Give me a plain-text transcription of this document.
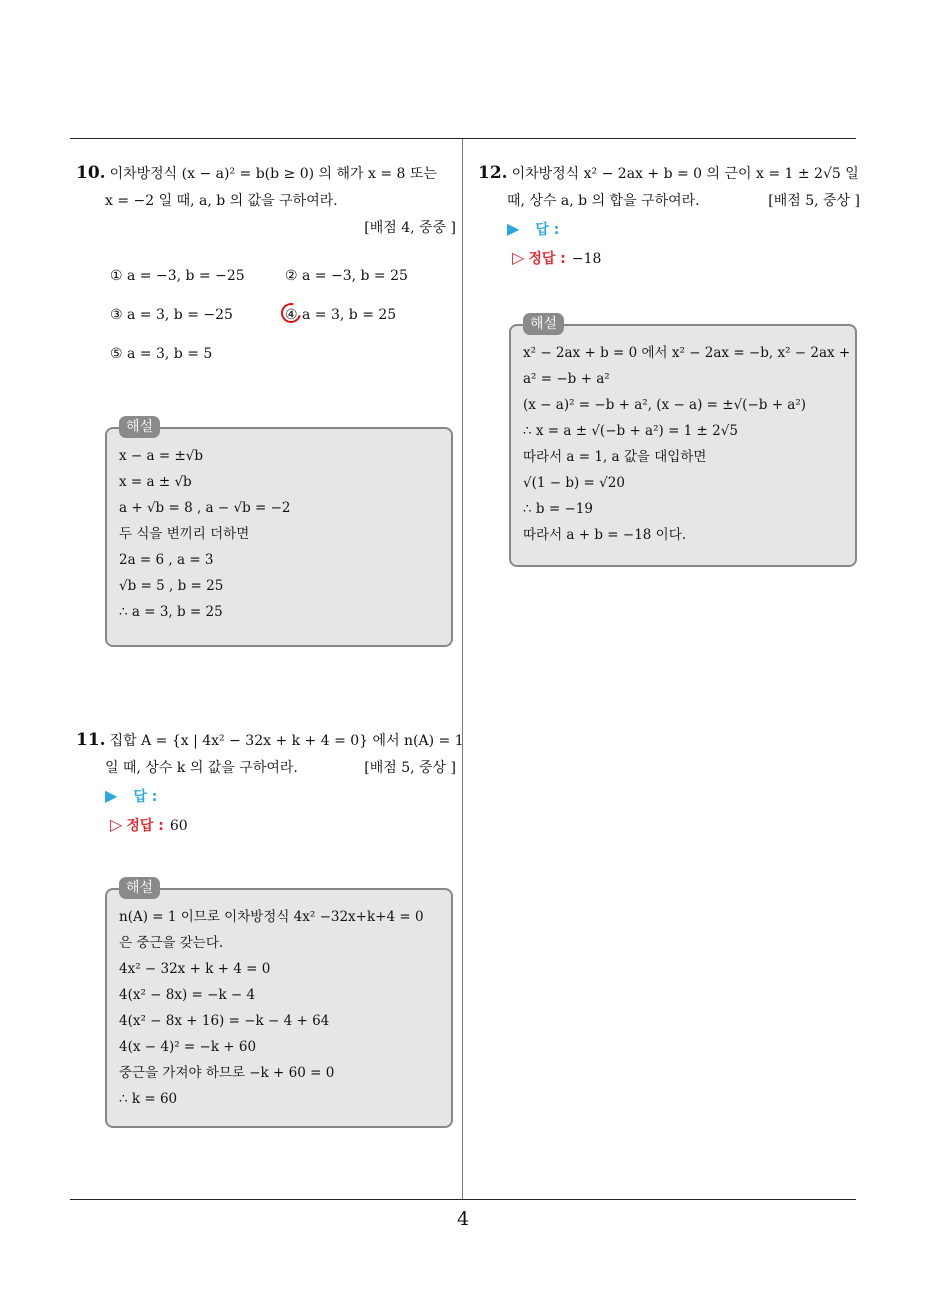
10. 이차방정식 (x − a)² = b(b ≥ 0) 의 해가 x = 8 또는
x = −2 일 때, a, b 의 값을 구하여라.
[배점 4, 중중 ]
① a = −3, b = −25	② a = −3, b = 25
③ a = 3, b = −25	④ a = 3, b = 25
⑤ a = 3, b = 5
해설
x − a = ±√b
x = a ± √b
a + √b = 8 , a − √b = −2
두 식을 변끼리 더하면
2a = 6 , a = 3
√b = 5 , b = 25
∴ a = 3, b = 25
11. 집합 A = {x | 4x² − 32x + k + 4 = 0} 에서 n(A) = 1
일 때, 상수 k 의 값을 구하여라.	[배점 5, 중상 ]
▶ 답 :
▷ 정답 : 60
해설
n(A) = 1 이므로 이차방정식 4x² −32x+k+4 = 0
은 중근을 갖는다.
4x² − 32x + k + 4 = 0
4(x² − 8x) = −k − 4
4(x² − 8x + 16) = −k − 4 + 64
4(x − 4)² = −k + 60
중근을 가져야 하므로 −k + 60 = 0
∴ k = 60
12. 이차방정식 x² − 2ax + b = 0 의 근이 x = 1 ± 2√5 일
때, 상수 a, b 의 합을 구하여라.	[배점 5, 중상 ]
▶ 답 :
▷ 정답 : −18
해설
x² − 2ax + b = 0 에서 x² − 2ax = −b, x² − 2ax +
a² = −b + a²
(x − a)² = −b + a², (x − a) = ±√(−b + a²)
∴ x = a ± √(−b + a²) = 1 ± 2√5
따라서 a = 1, a 값을 대입하면
√(1 − b) = √20
∴ b = −19
따라서 a + b = −18 이다.
4
